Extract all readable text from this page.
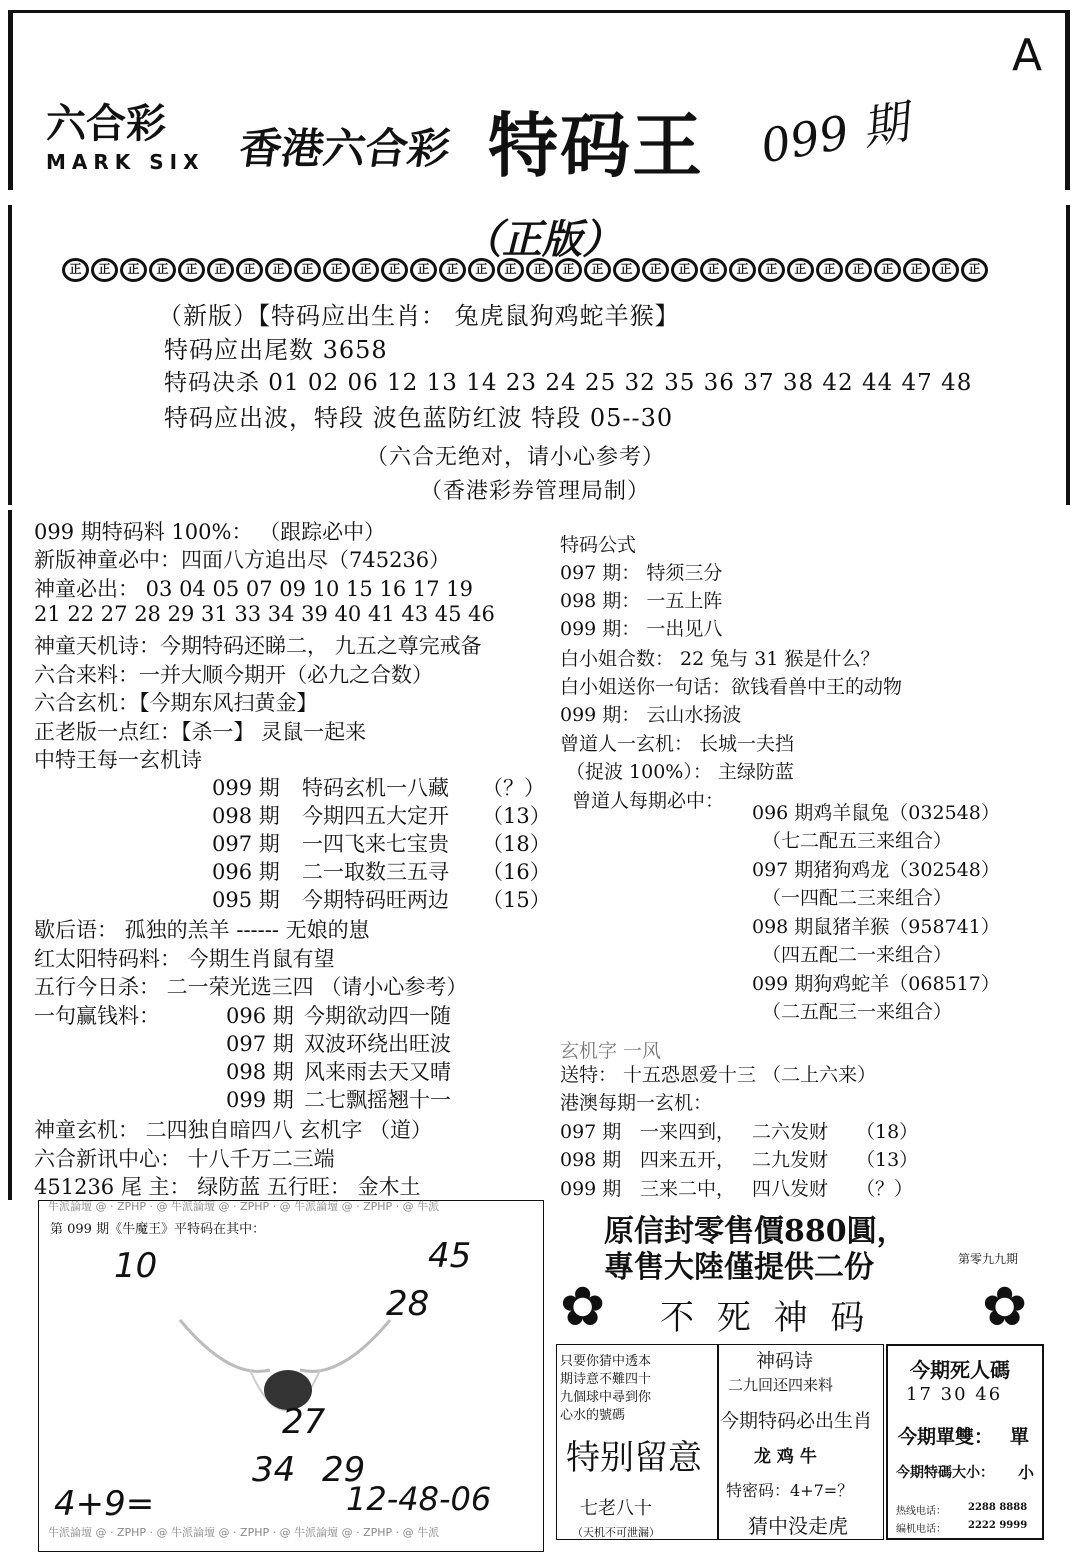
A
六合彩
MARK SIX 香港六合彩 特码王 099 期
（正版）
正	正	正	正	正	正	正	正	正	正	正	正	正	正	正	正	正	正	正	正	正	正	正	正	正	正	正	正	正	正	正	正
（新版）【特码应出生肖： 兔虎鼠狗鸡蛇羊猴】
特码应出尾数 3658
特码决杀 01 02 06 12 13 14 23 24 25 32 35 36 37 38 42 44 47 48
特码应出波，特段 波色蓝防红波 特段 05--30
（六合无绝对，请小心参考）
（香港彩券管理局制）
099 期特码料 100%： （跟踪必中）
新版神童必中：四面八方追出尽（745236）
神童必出： 03 04 05 07 09 10 15 16 17 19
21 22 27 28 29 31 33 34 39 40 41 43 45 46
神童天机诗：今期特码还睇二， 九五之尊完戒备
六合来料：一并大顺今期开（必九之合数）
六合玄机：【今期东风扫黄金】
正老版一点红：【杀一】 灵鼠一起来
中特王每一玄机诗
099 期 特码玄机一八藏 （？）
098 期 今期四五大定开 （13）
097 期 一四飞来七宝贵 （18）
096 期 二一取数三五寻 （16）
095 期 今期特码旺两边 （15）
歇后语： 孤独的羔羊 ------ 无娘的崽
红太阳特码料： 今期生肖鼠有望
五行今日杀： 二一荣光选三四 （请小心参考）
一句赢钱料：	096 期 今期欲动四一随
097 期 双波环绕出旺波
098 期 风来雨去天又晴
099 期 二七飘摇翘十一
神童玄机： 二四独自暗四八 玄机字 （道）
六合新讯中心： 十八千万二三端
451236 尾 主： 绿防蓝 五行旺： 金木土
特码公式
097 期： 特须三分
098 期： 一五上阵
099 期： 一出见八
白小姐合数： 22 兔与 31 猴是什么？
白小姐送你一句话：欲钱看兽中王的动物
099 期： 云山水扬波
曾道人一玄机： 长城一夫挡
（捉波 100%）： 主绿防蓝
曾道人每期必中：
096 期鸡羊鼠兔（032548）
（七二配五三来组合）
097 期猪狗鸡龙（302548）
（一四配二三来组合）
098 期鼠猪羊猴（958741）
（四五配二一来组合）
099 期狗鸡蛇羊（068517）
（二五配三一来组合）
玄机字 一风
送特： 十五恐恩爱十三 （二上六来）
港澳每期一玄机：
097 期 一来四到， 二六发财 （18）
098 期 四来五开， 二九发财 （13）
099 期 三来二中， 四八发财 （？）
牛派論壇 @ · ZPHP · @ 牛派論壇 @ · ZPHP · @ 牛派論壇 @ · ZPHP · @ 牛派
牛派論壇 @ · ZPHP · @ 牛派論壇 @ · ZPHP · @ 牛派論壇 @ · ZPHP · @ 牛派
第 099 期《牛魔王》平特码在其中：
10	45
28
27
34 29
4+9=	12-48-06
原信封零售價880圓，
專售大陸僅提供二份	第零九九期
✿ 不 死 神 码 ✿
只要你猜中透本
期诗意不難四十
九個球中尋到你
心水的號碼
特别留意
七老八十
（天机不可泄漏）
神码诗
二九回还四来料
今期特码必出生肖
龙 鸡 牛
特密码：4+7=？
猜中没走虎
今期死人碼
17 30 46
今期單雙： 單
今期特碼大小： 小
热线电话： 2288 8888
编机电话： 2222 9999
